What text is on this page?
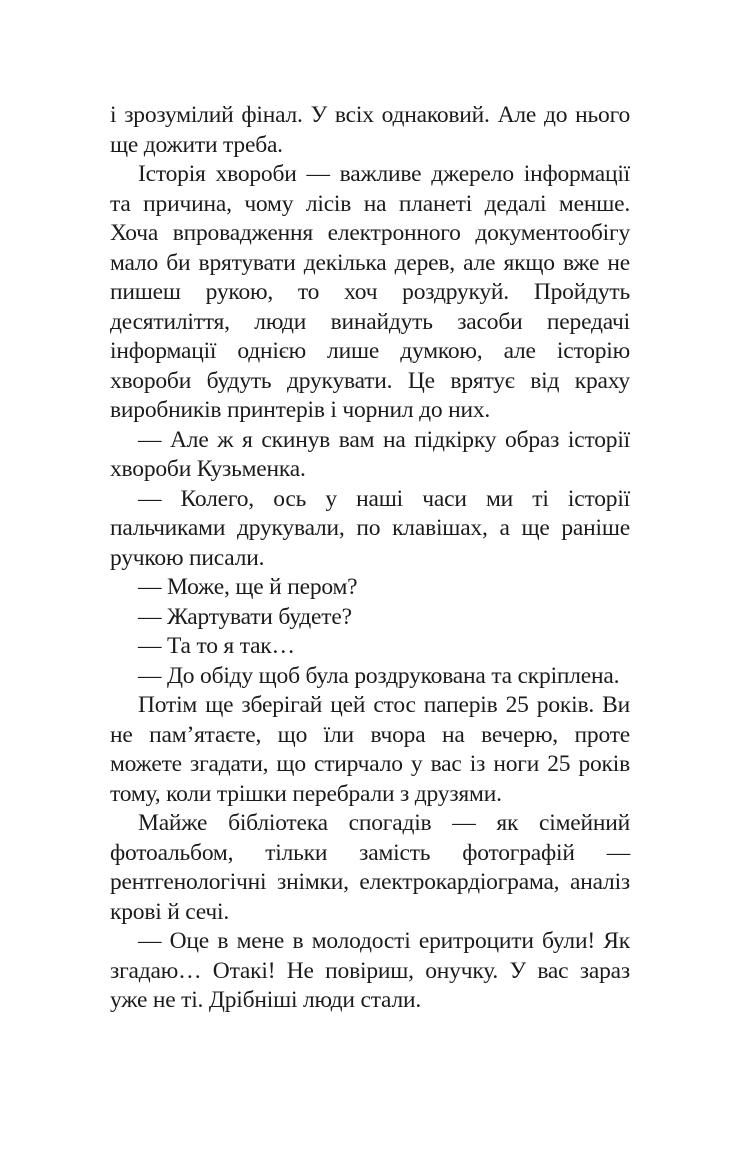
і зрозумілий фінал. У всіх однаковий. Але до нього ще дожити треба.

Історія хвороби — важливе джерело інформації та причина, чому лісів на планеті дедалі менше. Хоча впровадження електронного документообігу мало би врятувати декілька дерев, але якщо вже не пишеш рукою, то хоч роздрукуй. Пройдуть десятиліття, люди винайдуть засоби передачі інформації однією лише думкою, але історію хвороби будуть друкувати. Це врятує від краху виробників принтерів і чорнил до них.

— Але ж я скинув вам на підкірку образ історії хвороби Кузьменка.

— Колего, ось у наші часи ми ті історії пальчиками друкували, по клавішах, а ще раніше ручкою писали.

— Може, ще й пером?

— Жартувати будете?

— Та то я так…

— До обіду щоб була роздрукована та скріплена.

Потім ще зберігай цей стос паперів 25 років. Ви не пам’ятаєте, що їли вчора на вечерю, проте можете згадати, що стирчало у вас із ноги 25 років тому, коли трішки перебрали з друзями.

Майже бібліотека спогадів — як сімейний фотоальбом, тільки замість фотографій — рентгенологічні знімки, електрокардіограма, аналіз крові й сечі.

— Оце в мене в молодості еритроцити були! Як згадаю… Отакі! Не повіриш, онучку. У вас зараз уже не ті. Дрібніші люди стали.
